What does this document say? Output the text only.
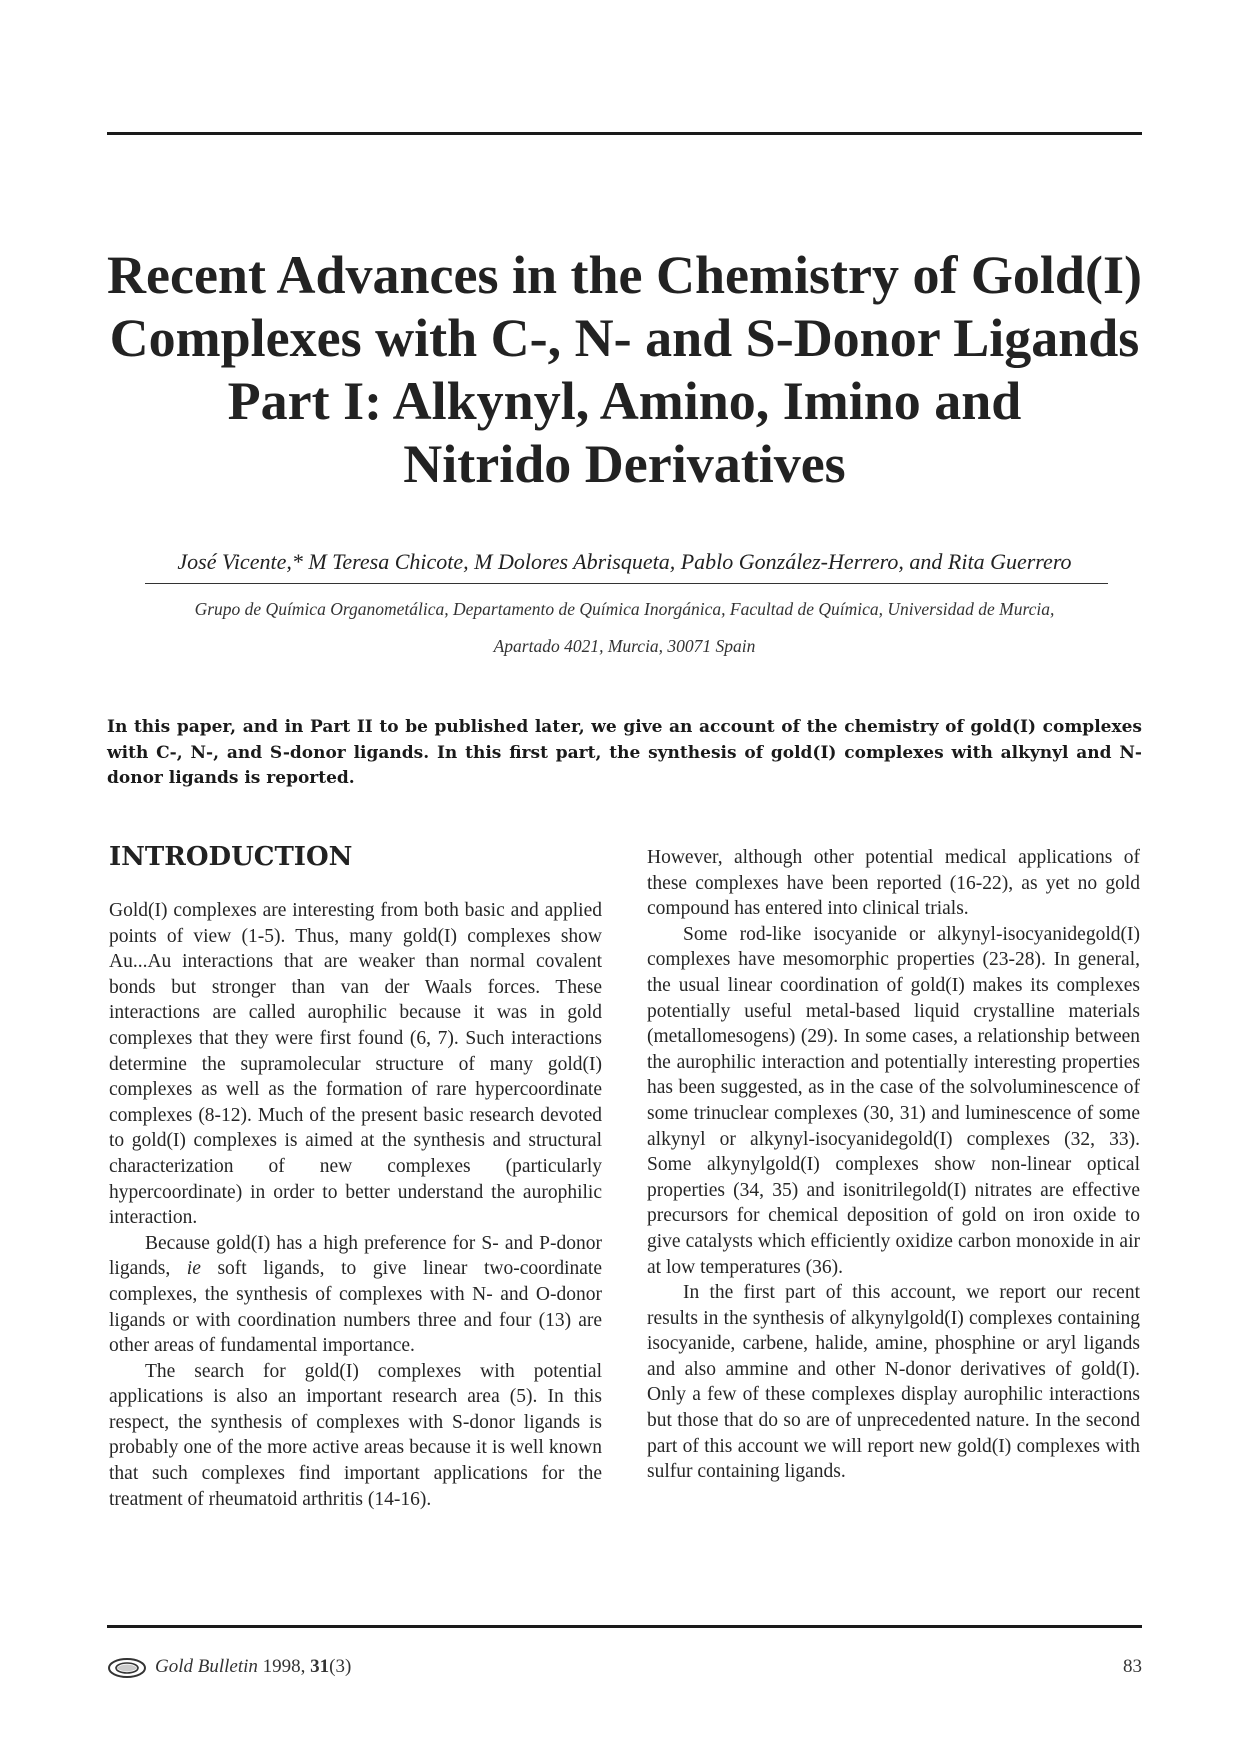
Recent Advances in the Chemistry of Gold(I)
Complexes with C-, N- and S-Donor Ligands
Part I: Alkynyl, Amino, Imino and
Nitrido Derivatives
José Vicente,* M Teresa Chicote, M Dolores Abrisqueta, Pablo González-Herrero, and Rita Guerrero
Grupo de Química Organometálica, Departamento de Química Inorgánica, Facultad de Química, Universidad de Murcia,
Apartado 4021, Murcia, 30071 Spain
In this paper, and in Part II to be published later, we give an account of the chemistry of gold(I) complexes with C-, N-, and S-donor ligands. In this first part, the synthesis of gold(I) complexes with alkynyl and N-donor ligands is reported.
INTRODUCTION

Gold(I) complexes are interesting from both basic and applied points of view (1-5). Thus, many gold(I) complexes show Au...Au interactions that are weaker than normal covalent bonds but stronger than van der Waals forces. These interactions are called aurophilic because it was in gold complexes that they were first found (6, 7). Such interactions determine the supramolecular structure of many gold(I) complexes as well as the formation of rare hypercoordinate complexes (8-12). Much of the present basic research devoted to gold(I) complexes is aimed at the synthesis and structural characterization of new complexes (particularly hypercoordinate) in order to better understand the aurophilic interaction.

Because gold(I) has a high preference for S- and P-donor ligands, ie soft ligands, to give linear two-coordinate complexes, the synthesis of complexes with N- and O-donor ligands or with coordination numbers three and four (13) are other areas of fundamental importance.

The search for gold(I) complexes with potential applications is also an important research area (5). In this respect, the synthesis of complexes with S-donor ligands is probably one of the more active areas because it is well known that such complexes find important applications for the treatment of rheumatoid arthritis (14-16).

However, although other potential medical applications of these complexes have been reported (16-22), as yet no gold compound has entered into clinical trials.

Some rod-like isocyanide or alkynyl-isocyanidegold(I) complexes have mesomorphic properties (23-28). In general, the usual linear coordination of gold(I) makes its complexes potentially useful metal-based liquid crystalline materials (metallomesogens) (29). In some cases, a relationship between the aurophilic interaction and potentially interesting properties has been suggested, as in the case of the solvoluminescence of some trinuclear complexes (30, 31) and luminescence of some alkynyl or alkynyl-isocyanidegold(I) complexes (32, 33). Some alkynylgold(I) complexes show non-linear optical properties (34, 35) and isonitrilegold(I) nitrates are effective precursors for chemical deposition of gold on iron oxide to give catalysts which efficiently oxidize carbon monoxide in air at low temperatures (36).

In the first part of this account, we report our recent results in the synthesis of alkynylgold(I) complexes containing isocyanide, carbene, halide, amine, phosphine or aryl ligands and also ammine and other N-donor derivatives of gold(I). Only a few of these complexes display aurophilic interactions but those that do so are of unprecedented nature. In the second part of this account we will report new gold(I) complexes with sulfur containing ligands.

Gold Bulletin 1998, 31(3)	83
